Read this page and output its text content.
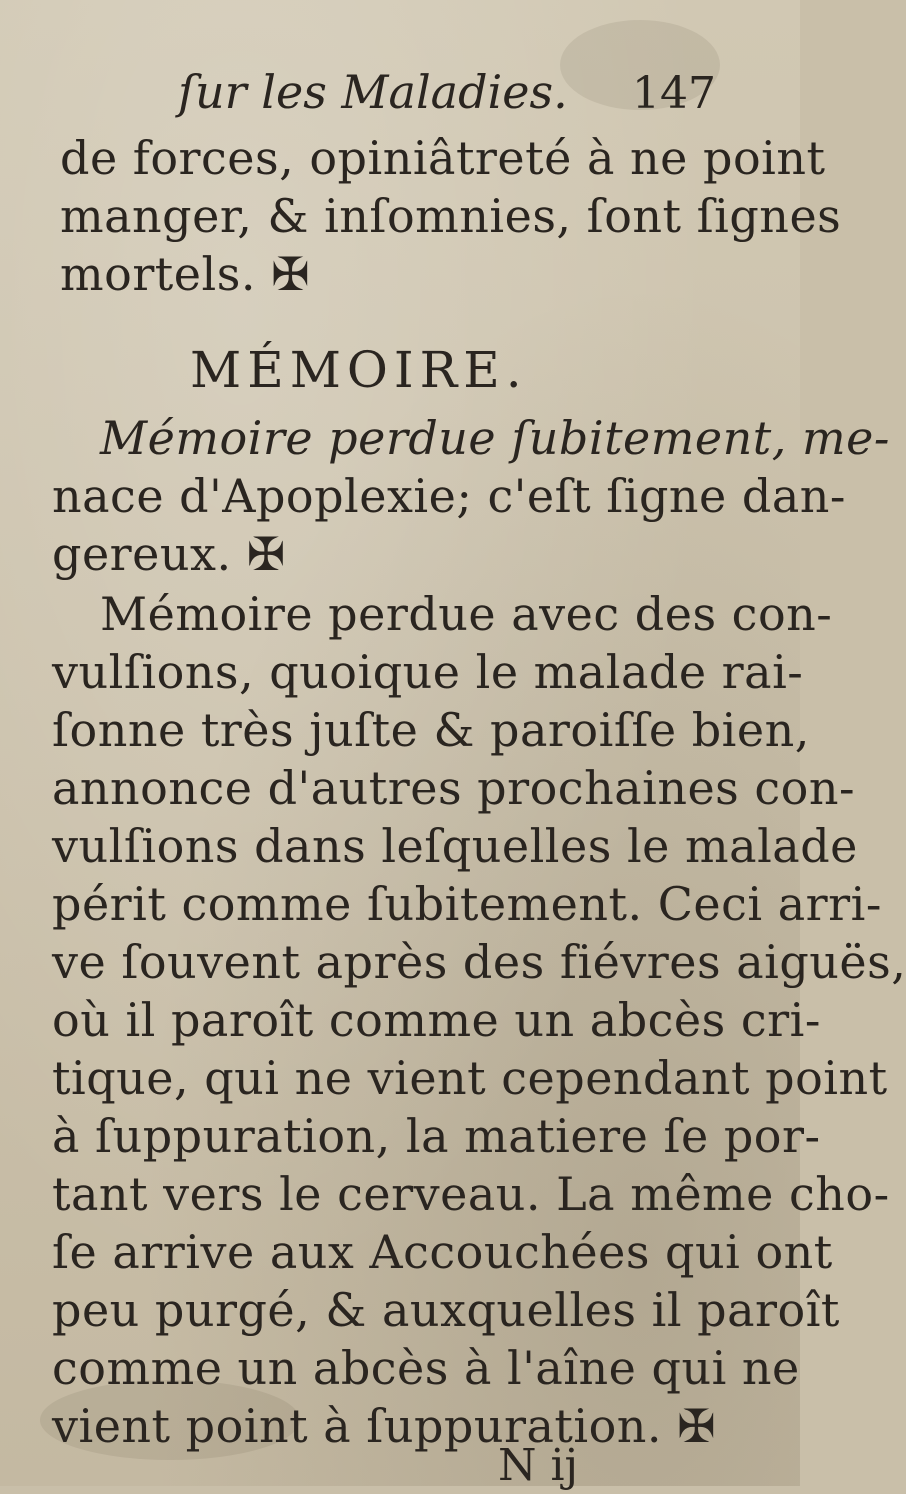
ſur les Maladies. 147
de forces, opiniâtreté à ne point
manger, & inſomnies, ſont ſignes
mortels. ✠
MÉMOIRE.
Mémoire perdue ſubitement, me-
nace d'Apoplexie; c'eſt ſigne dan-
gereux. ✠
Mémoire perdue avec des con-
vulſions, quoique le malade rai-
ſonne très juſte & paroiſſe bien,
annonce d'autres prochaines con-
vulſions dans leſquelles le malade
périt comme ſubitement. Ceci arri-
ve ſouvent après des fiévres aiguës,
où il paroît comme un abcès cri-
tique, qui ne vient cependant point
à ſuppuration, la matiere ſe por-
tant vers le cerveau. La même cho-
ſe arrive aux Accouchées qui ont
peu purgé, & auxquelles il paroît
comme un abcès à l'aîne qui ne
vient point à ſuppuration. ✠
N ij
